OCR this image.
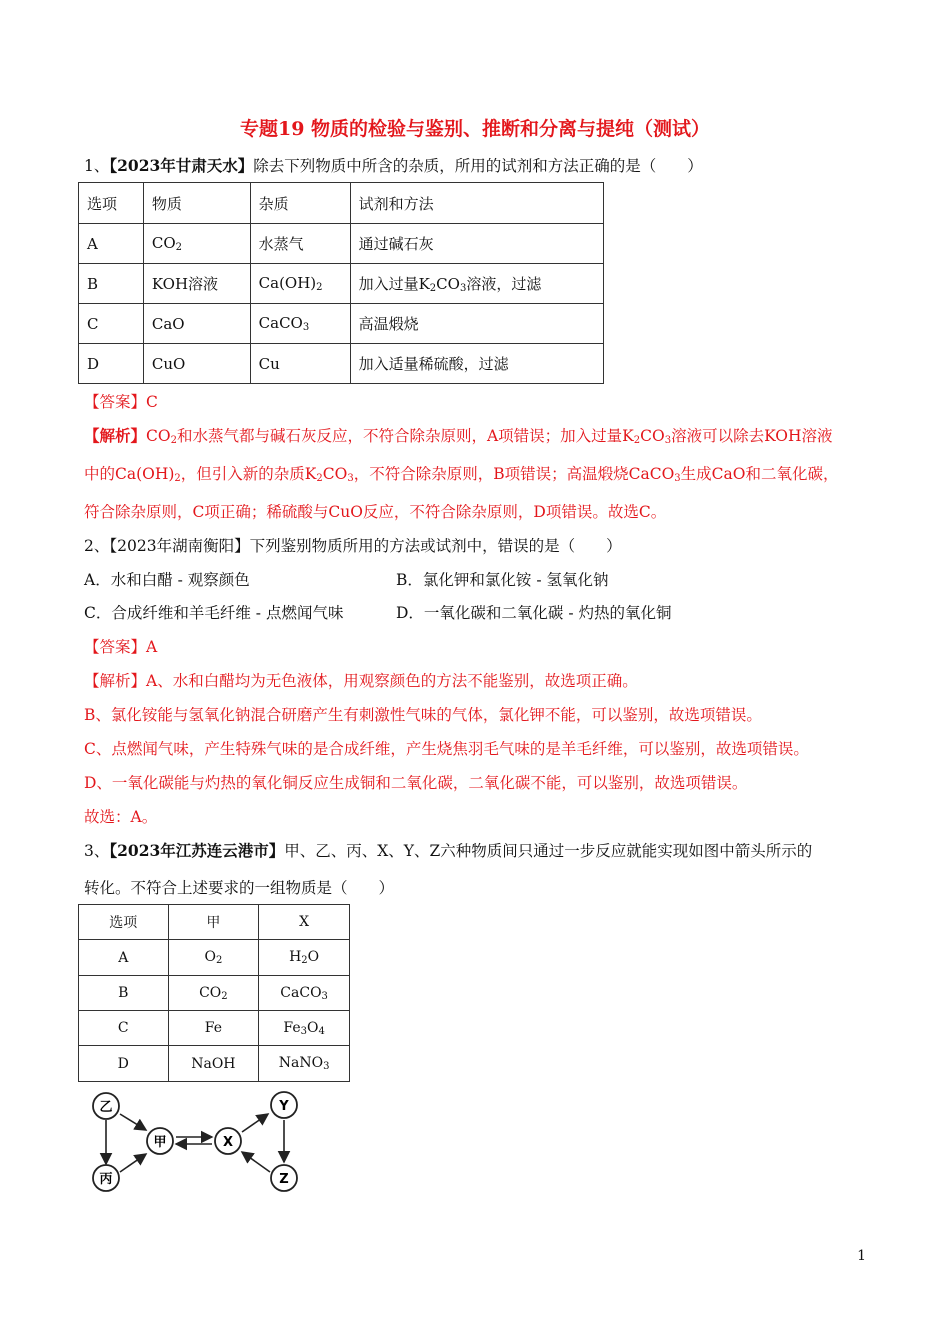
专题19 物质的检验与鉴别、推断和分离与提纯（测试）
1、【2023年甘肃天水】除去下列物质中所含的杂质，所用的试剂和方法正确的是（　　）
选项	物质	杂质	试剂和方法
A	$CO_2$	水蒸气	通过碱石灰
B	KOH溶液	$Ca(OH)_2$	加入过量$K_2CO_3$溶液，过滤
C	CaO	CaCO$_3$	高温煅烧
D	CuO	Cu	加入适量稀硫酸，过滤
【答案】C
【解析】$CO_2$和水蒸气都与碱石灰反应，不符合除杂原则，A项错误；加入过量$K_2CO_3$溶液可以除去KOH溶液
中的$Ca(OH)_2$，但引入新的杂质$K_2CO_3$，不符合除杂原则，B项错误；高温煅烧CaCO$_3$生成CaO和二氧化碳，
符合除杂原则，C项正确；稀硫酸与CuO反应，不符合除杂原则，D项错误。故选C。
2、【2023年湖南衡阳】下列鉴别物质所用的方法或试剂中，错误的是（　　）
A．水和白醋 - 观察颜色	B．氯化钾和氯化铵 - 氢氧化钠
C．合成纤维和羊毛纤维 - 点燃闻气味	D．一氧化碳和二氧化碳 - 灼热的氧化铜
【答案】A
【解析】A、水和白醋均为无色液体，用观察颜色的方法不能鉴别，故选项正确。
B、氯化铵能与氢氧化钠混合研磨产生有刺激性气味的气体，氯化钾不能，可以鉴别，故选项错误。
C、点燃闻气味，产生特殊气味的是合成纤维，产生烧焦羽毛气味的是羊毛纤维，可以鉴别，故选项错误。
D、一氧化碳能与灼热的氧化铜反应生成铜和二氧化碳，二氧化碳不能，可以鉴别，故选项错误。
故选：A。
3、【2023年江苏连云港市】甲、乙、丙、X、Y、Z六种物质间只通过一步反应就能实现如图中箭头所示的
转化。不符合上述要求的一组物质是（　　）
选项	甲	X
A	$O_2$	$H_2O$
B	$CO_2$	CaCO$_3$
C	Fe	$Fe_3O_4$
D	NaOH	NaNO$_3$
乙
甲
丙
X
Y
Z
1
